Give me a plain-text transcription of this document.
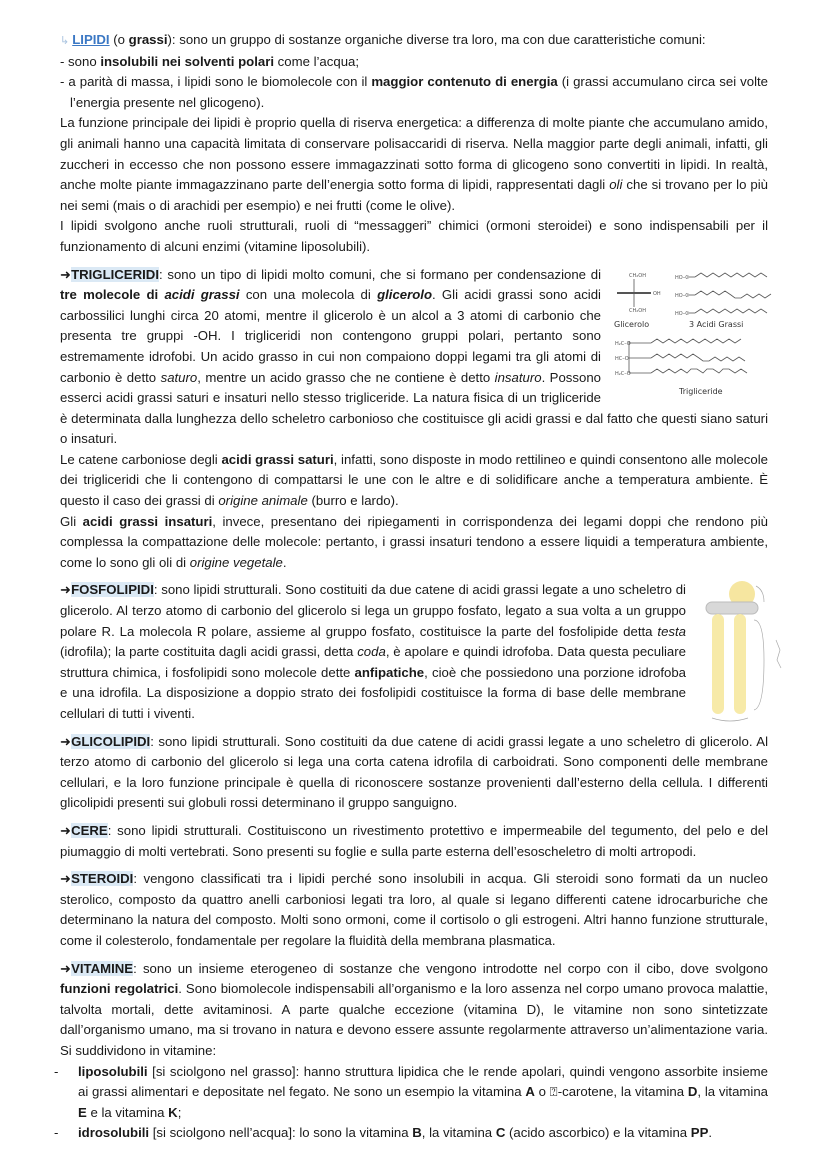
↳ LIPIDI (o grassi): sono un gruppo di sostanze organiche diverse tra loro, ma con due caratteristiche comuni:

- sono insolubili nei solventi polari come l’acqua;

- a parità di massa, i lipidi sono le biomolecole con il maggior contenuto di energia (i grassi accumulano circa sei volte l’energia presente nel glicogeno).

La funzione principale dei lipidi è proprio quella di riserva energetica: a differenza di molte piante che accumulano amido, gli animali hanno una capacità limitata di conservare polisaccaridi di riserva. Nella maggior parte degli animali, infatti, gli zuccheri in eccesso che non possono essere immagazzinati sotto forma di glicogeno sono convertiti in lipidi. In realtà, anche molte piante immagazzinano parte dell’energia sotto forma di lipidi, rappresentati dagli oli che si trovano per lo più nei semi (mais o di arachidi per esempio) e nei frutti (come le olive).

I lipidi svolgono anche ruoli strutturali, ruoli di “messaggeri” chimici (ormoni steroidei) e sono indispensabili per il funzionamento di alcuni enzimi (vitamine liposolubili).

CH₂OH
OH
CH₂OH
HO–C
HO–C
HO–C
H₂C–O
HC–O
H₂C–O
Glicerolo	3 Acidi Grassi
Trigliceride

➜TRIGLICERIDI: sono un tipo di lipidi molto comuni, che si formano per condensazione di tre molecole di acidi grassi con una molecola di glicerolo. Gli acidi grassi sono acidi carbossilici lunghi circa 20 atomi, mentre il glicerolo è un alcol a 3 atomi di carbonio che presenta tre gruppi -OH. I trigliceridi non contengono gruppi polari, pertanto sono estremamente idrofobi. Un acido grasso in cui non compaiono doppi legami tra gli atomi di carbonio è detto saturo, mentre un acido grasso che ne contiene è detto insaturo. Possono esserci acidi grassi saturi e insaturi nello stesso trigliceride. La natura fisica di un trigliceride è determinata dalla lunghezza dello scheletro carbonioso che costituisce gli acidi grassi e dal fatto che questi siano saturi o insaturi.

Le catene carboniose degli acidi grassi saturi, infatti, sono disposte in modo rettilineo e quindi consentono alle molecole dei trigliceridi che li contengono di compattarsi le une con le altre e di solidificare anche a temperatura ambiente. È questo il caso dei grassi di origine animale (burro e lardo).

Gli acidi grassi insaturi, invece, presentano dei ripiegamenti in corrispondenza dei legami doppi che rendono più complessa la compattazione delle molecole: pertanto, i grassi insaturi tendono a essere liquidi a temperatura ambiente, come lo sono gli oli di origine vegetale.

➜FOSFOLIPIDI: sono lipidi strutturali. Sono costituiti da due catene di acidi grassi legate a uno scheletro di glicerolo. Al terzo atomo di carbonio del glicerolo si lega un gruppo fosfato, legato a sua volta a un gruppo polare R. La molecola R polare, assieme al gruppo fosfato, costituisce la parte del fosfolipide detta testa (idrofila); la parte costituita dagli acidi grassi, detta coda, è apolare e quindi idrofoba. Data questa peculiare struttura chimica, i fosfolipidi sono molecole dette anfipatiche, cioè che possiedono una porzione idrofoba e una idrofila. La disposizione a doppio strato dei fosfolipidi costituisce la forma di base delle membrane cellulari di tutti i viventi.

➜GLICOLIPIDI: sono lipidi strutturali. Sono costituiti da due catene di acidi grassi legate a uno scheletro di glicerolo. Al terzo atomo di carbonio del glicerolo si lega una corta catena idrofila di carboidrati. Sono componenti delle membrane cellulari, e la loro funzione principale è quella di riconoscere sostanze provenienti dall’esterno della cellula. I differenti glicolipidi presenti sui globuli rossi determinano il gruppo sanguigno.

➜CERE: sono lipidi strutturali. Costituiscono un rivestimento protettivo e impermeabile del tegumento, del pelo e del piumaggio di molti vertebrati. Sono presenti su foglie e sulla parte esterna dell’esoscheletro di molti artropodi.

➜STEROIDI: vengono classificati tra i lipidi perché sono insolubili in acqua. Gli steroidi sono formati da un nucleo sterolico, composto da quattro anelli carboniosi legati tra loro, al quale si legano differenti catene idrocarburiche che determinano la natura del composto. Molti sono ormoni, come il cortisolo o gli estrogeni. Altri hanno funzione strutturale, come il colesterolo, fondamentale per regolare la fluidità della membrana plasmatica.

➜VITAMINE: sono un insieme eterogeneo di sostanze che vengono introdotte nel corpo con il cibo, dove svolgono funzioni regolatrici. Sono biomolecole indispensabili all’organismo e la loro assenza nel corpo umano provoca malattie, talvolta mortali, dette avitaminosi. A parte qualche eccezione (vitamina D), le vitamine non sono sintetizzate dall’organismo umano, ma si trovano in natura e devono essere assunte regolarmente attraverso un’alimentazione varia. Si suddividono in vitamine:

- liposolubili [si sciolgono nel grasso]: hanno struttura lipidica che le rende apolari, quindi vengono assorbite insieme ai grassi alimentari e depositate nel fegato. Ne sono un esempio la vitamina A o ⍰-carotene, la vitamina D, la vitamina E e la vitamina K;

- idrosolubili [si sciolgono nell’acqua]: lo sono la vitamina B, la vitamina C (acido ascorbico) e la vitamina PP.
